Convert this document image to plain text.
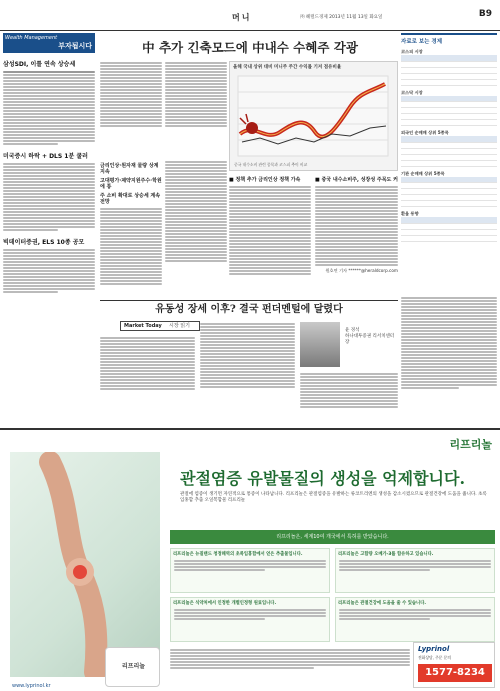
머니	㈜ 헤럴드경제 2013년 11월 13일 화요일	B9
Wealth Management
부자됩시다
삼성SDI, 이틀 연속 상승세
미국증시 하락 + DLS 1분 쿨러
빅데이터증권, ELS 10종 공모
中 추가 긴축모드에 中내수 수혜주 각광
올해 국내 상위 대비 미니주 주간 수익률 기저 점유비율
중국 내수소비 관련 종목과 코스피 추이 비교
금리인상·원자재 물량 상계 지속
고대평가·제약지원주수·학원에 통
주 소비 확대로 상승세 계속 전망
■ 정책 추가 금리인상 정책 가속	■ 중국 내수소비주, 성장성 주목도 커
원호연 기자 ******@heraldcorp.com
자료로 보는 경제
코스피 시장

코스닥 시장

외국인 순매매 상위 5종목

기관 순매매 상위 5종목

환율 동향

유동성 장세 이후? 결국 펀더멘털에 달렸다
Market Today 시장 읽기
윤 경석
하나대투증권 리서치센터장
리프리놀
리프리놀
관절염증 유발물질의 생성을 억제합니다.
관절에 염증이 생기면 자연적으로 통증이 나타납니다. 리프리놀은 관절염증을 유발하는 류코트리엔의 생성을 감소시켰으므로 관절건강에 도움을 줍니다. 초록입홍합 추출 오일복합물 리프리놀
리프리놀은, 세계10여 개국에서 특허를 받았습니다.
리프리놀은 뉴질랜드 청정해역의 초록입홍합에서 얻은 추출물입니다.	리프리놀은 고함량 오메가-3를 함유하고 있습니다.
리프리놀은 식약처에서 인정한 개별인정형 원료입니다.	리프리놀은 관절건강에 도움을 줄 수 있습니다.
Lyprinol
전화상담, 주문 문의
1577-8234
www.lyprinol.kr
